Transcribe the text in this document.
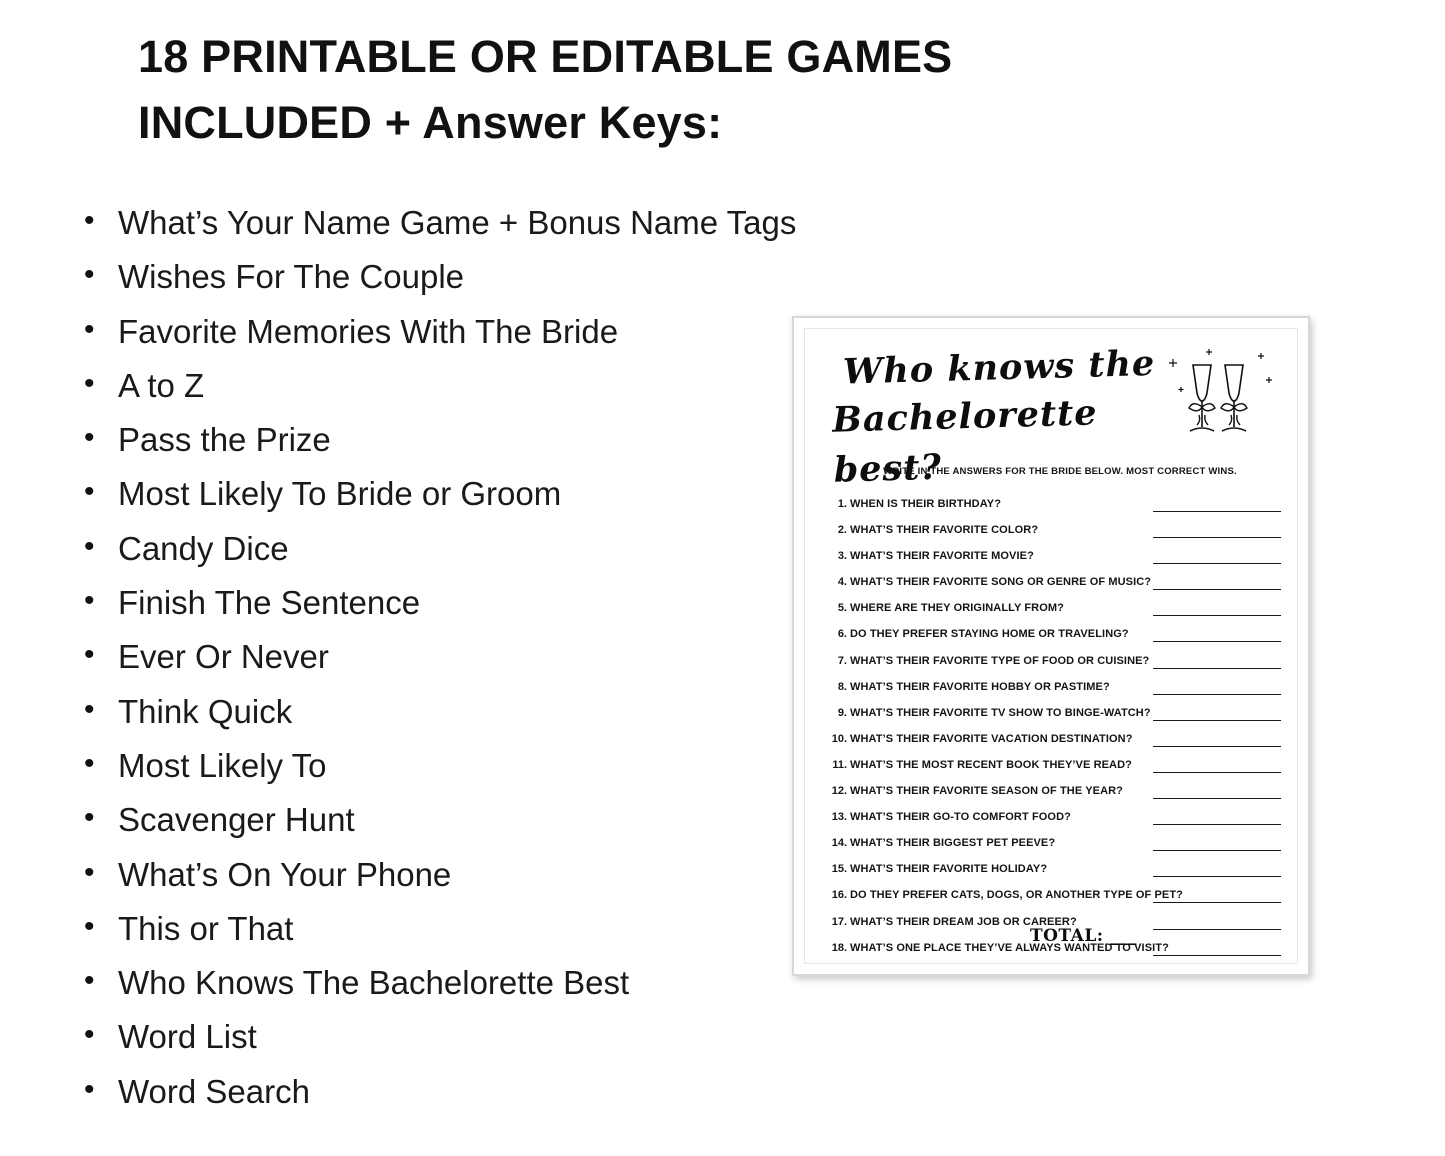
18 PRINTABLE OR EDITABLE GAMES
INCLUDED + Answer Keys:
• What’s Your Name Game + Bonus Name Tags
• Wishes For The Couple
• Favorite Memories With The Bride
• A to Z
• Pass the Prize
• Most Likely To Bride or Groom
• Candy Dice
• Finish The Sentence
• Ever Or Never
• Think Quick
• Most Likely To
• Scavenger Hunt
• What’s On Your Phone
• This or That
• Who Knows The Bachelorette Best
• Word List
• Word Search
Who knows the
Bachelorette best?
WRITE IN THE ANSWERS FOR THE BRIDE BELOW. MOST CORRECT WINS.
1. WHEN IS THEIR BIRTHDAY?
2. WHAT’S THEIR FAVORITE COLOR?
3. WHAT’S THEIR FAVORITE MOVIE?
4. WHAT’S THEIR FAVORITE SONG OR GENRE OF MUSIC?
5. WHERE ARE THEY ORIGINALLY FROM?
6. DO THEY PREFER STAYING HOME OR TRAVELING?
7. WHAT’S THEIR FAVORITE TYPE OF FOOD OR CUISINE?
8. WHAT’S THEIR FAVORITE HOBBY OR PASTIME?
9. WHAT’S THEIR FAVORITE TV SHOW TO BINGE-WATCH?
10. WHAT’S THEIR FAVORITE VACATION DESTINATION?
11. WHAT’S THE MOST RECENT BOOK THEY’VE READ?
12. WHAT’S THEIR FAVORITE SEASON OF THE YEAR?
13. WHAT’S THEIR GO-TO COMFORT FOOD?
14. WHAT’S THEIR BIGGEST PET PEEVE?
15. WHAT’S THEIR FAVORITE HOLIDAY?
16. DO THEY PREFER CATS, DOGS, OR ANOTHER TYPE OF PET?
17. WHAT’S THEIR DREAM JOB OR CAREER?
18. WHAT’S ONE PLACE THEY’VE ALWAYS WANTED TO VISIT?
TOTAL: ___
